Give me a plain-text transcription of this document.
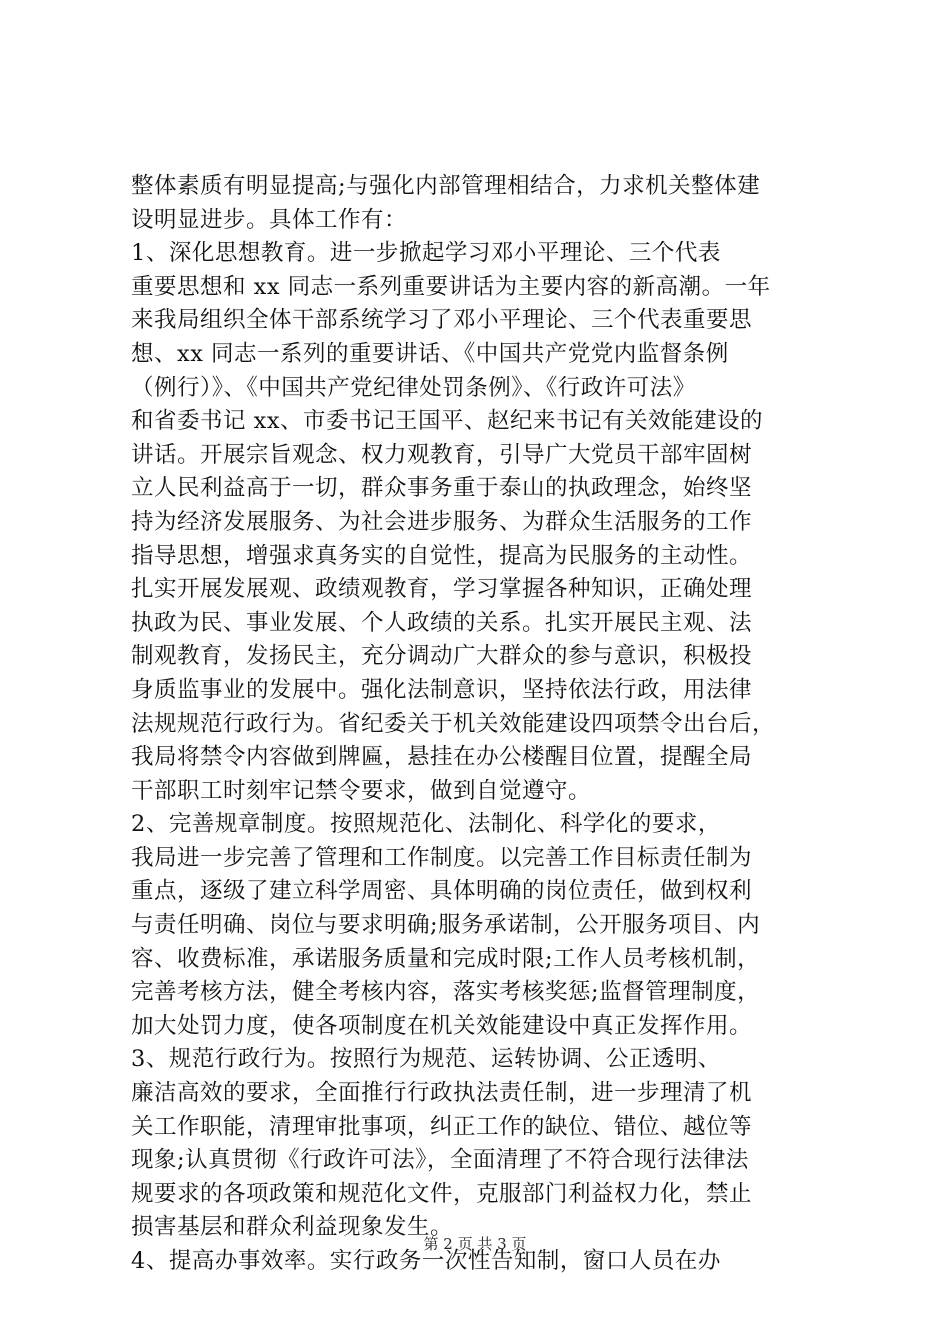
整体素质有明显提高;与强化内部管理相结合，力求机关整体建
设明显进步。具体工作有：
1、深化思想教育。进一步掀起学习邓小平理论、三个代表
重要思想和 xx 同志一系列重要讲话为主要内容的新高潮。一年
来我局组织全体干部系统学习了邓小平理论、三个代表重要思
想、xx 同志一系列的重要讲话、《中国共产党党内监督条例
（例行）》、《中国共产党纪律处罚条例》、《行政许可法》
和省委书记 xx、市委书记王国平、赵纪来书记有关效能建设的
讲话。开展宗旨观念、权力观教育，引导广大党员干部牢固树
立人民利益高于一切，群众事务重于泰山的执政理念，始终坚
持为经济发展服务、为社会进步服务、为群众生活服务的工作
指导思想，增强求真务实的自觉性，提高为民服务的主动性。
扎实开展发展观、政绩观教育，学习掌握各种知识，正确处理
执政为民、事业发展、个人政绩的关系。扎实开展民主观、法
制观教育，发扬民主，充分调动广大群众的参与意识，积极投
身质监事业的发展中。强化法制意识，坚持依法行政，用法律
法规规范行政行为。省纪委关于机关效能建设四项禁令出台后，
我局将禁令内容做到牌匾，悬挂在办公楼醒目位置，提醒全局
干部职工时刻牢记禁令要求，做到自觉遵守。
2、完善规章制度。按照规范化、法制化、科学化的要求，
我局进一步完善了管理和工作制度。以完善工作目标责任制为
重点，逐级了建立科学周密、具体明确的岗位责任，做到权利
与责任明确、岗位与要求明确;服务承诺制，公开服务项目、内
容、收费标准，承诺服务质量和完成时限;工作人员考核机制，
完善考核方法，健全考核内容，落实考核奖惩;监督管理制度，
加大处罚力度，使各项制度在机关效能建设中真正发挥作用。
3、规范行政行为。按照行为规范、运转协调、公正透明、
廉洁高效的要求，全面推行行政执法责任制，进一步理清了机
关工作职能，清理审批事项，纠正工作的缺位、错位、越位等
现象;认真贯彻《行政许可法》，全面清理了不符合现行法律法
规要求的各项政策和规范化文件，克服部门利益权力化，禁止
损害基层和群众利益现象发生。
4、提高办事效率。实行政务一次性告知制，窗口人员在办
第 2 页 共 3 页
